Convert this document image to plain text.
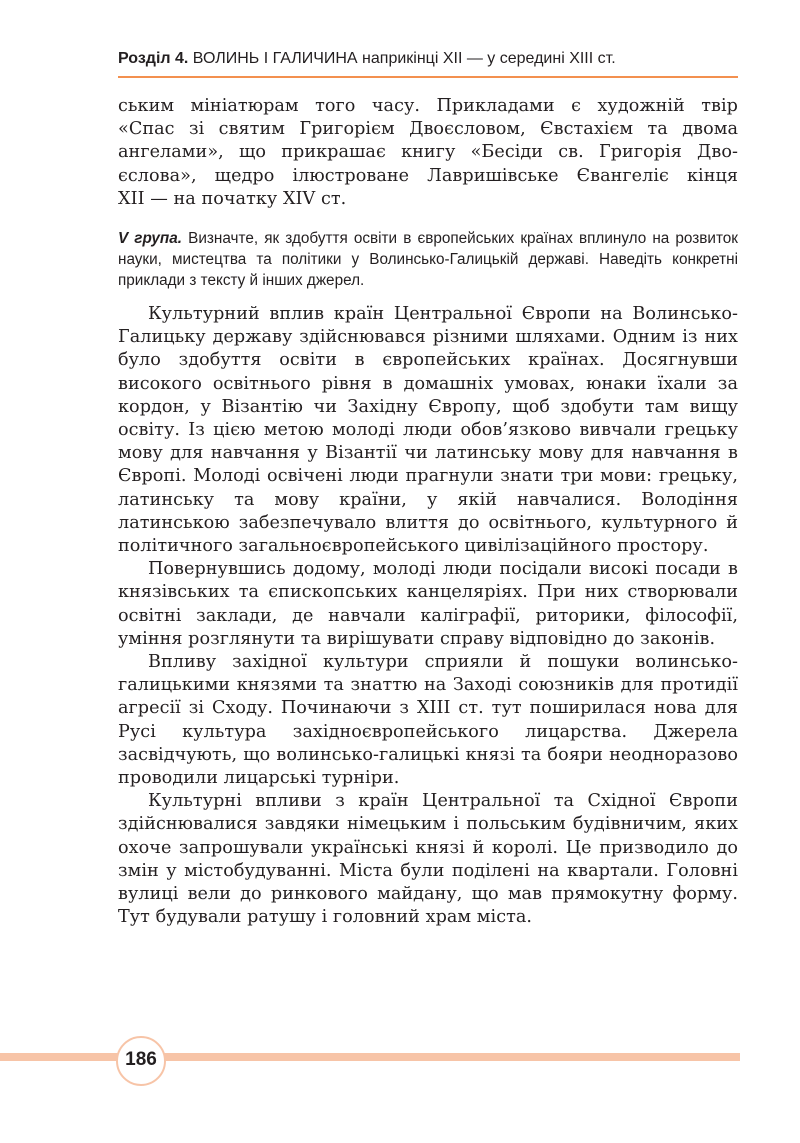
Розділ 4. ВОЛИНЬ І ГАЛИЧИНА наприкінці XII — у середині XIII ст.
ським мініатюрам того часу. Прикладами є художній твір
«Спас зі святим Григорієм Двоєсловом, Євстахієм та двома
ангелами», що прикрашає книгу «Бесіди св. Григорія Дво-
єслова», щедро ілюстроване Лавришівське Євангеліє кінця
XII — на початку XIV ст.
V група. Визначте, як здобуття освіти в європейських країнах вплинуло на розвиток науки, мистецтва та політики у Волинсько-Галицькій державі. Наведіть конкретні приклади з тексту й інших джерел.

Культурний вплив країн Центральної Європи на Волинсько-Галицьку державу здійснювався різними шляхами. Одним із них було здобуття освіти в європейських країнах. Досягнувши високого освітнього рівня в домашніх умовах, юнаки їхали за кордон, у Візантію чи Західну Європу, щоб здобути там вищу освіту. Із цією метою молоді люди обов’язково вивчали грецьку мову для навчання у Візантії чи латинську мову для навчання в Європі. Молоді освічені люди прагнули знати три мови: грецьку, латинську та мову країни, у якій навчалися. Володіння латинською забезпечувало влиття до освітнього, культурного й політичного загальноєвропейського цивілізаційного простору.

Повернувшись додому, молоді люди посідали високі посади в князівських та єпископських канцеляріях. При них створювали освітні заклади, де навчали каліграфії, риторики, філософії, уміння розглянути та вирішувати справу відповідно до законів.

Впливу західної культури сприяли й пошуки волинсько-галицькими князями та знаттю на Заході союзників для протидії агресії зі Сходу. Починаючи з XIII ст. тут поширилася нова для Русі культура західноєвропейського лицарства. Джерела засвідчують, що волинсько-галицькі князі та бояри неодноразово проводили лицарські турніри.

Культурні впливи з країн Центральної та Східної Європи здійснювалися завдяки німецьким і польським будівничим, яких охоче запрошували українські князі й королі. Це призводило до змін у містобудуванні. Міста були поділені на квартали. Головні вулиці вели до ринкового майдану, що мав прямокутну форму. Тут будували ратушу і головний храм міста.

186
